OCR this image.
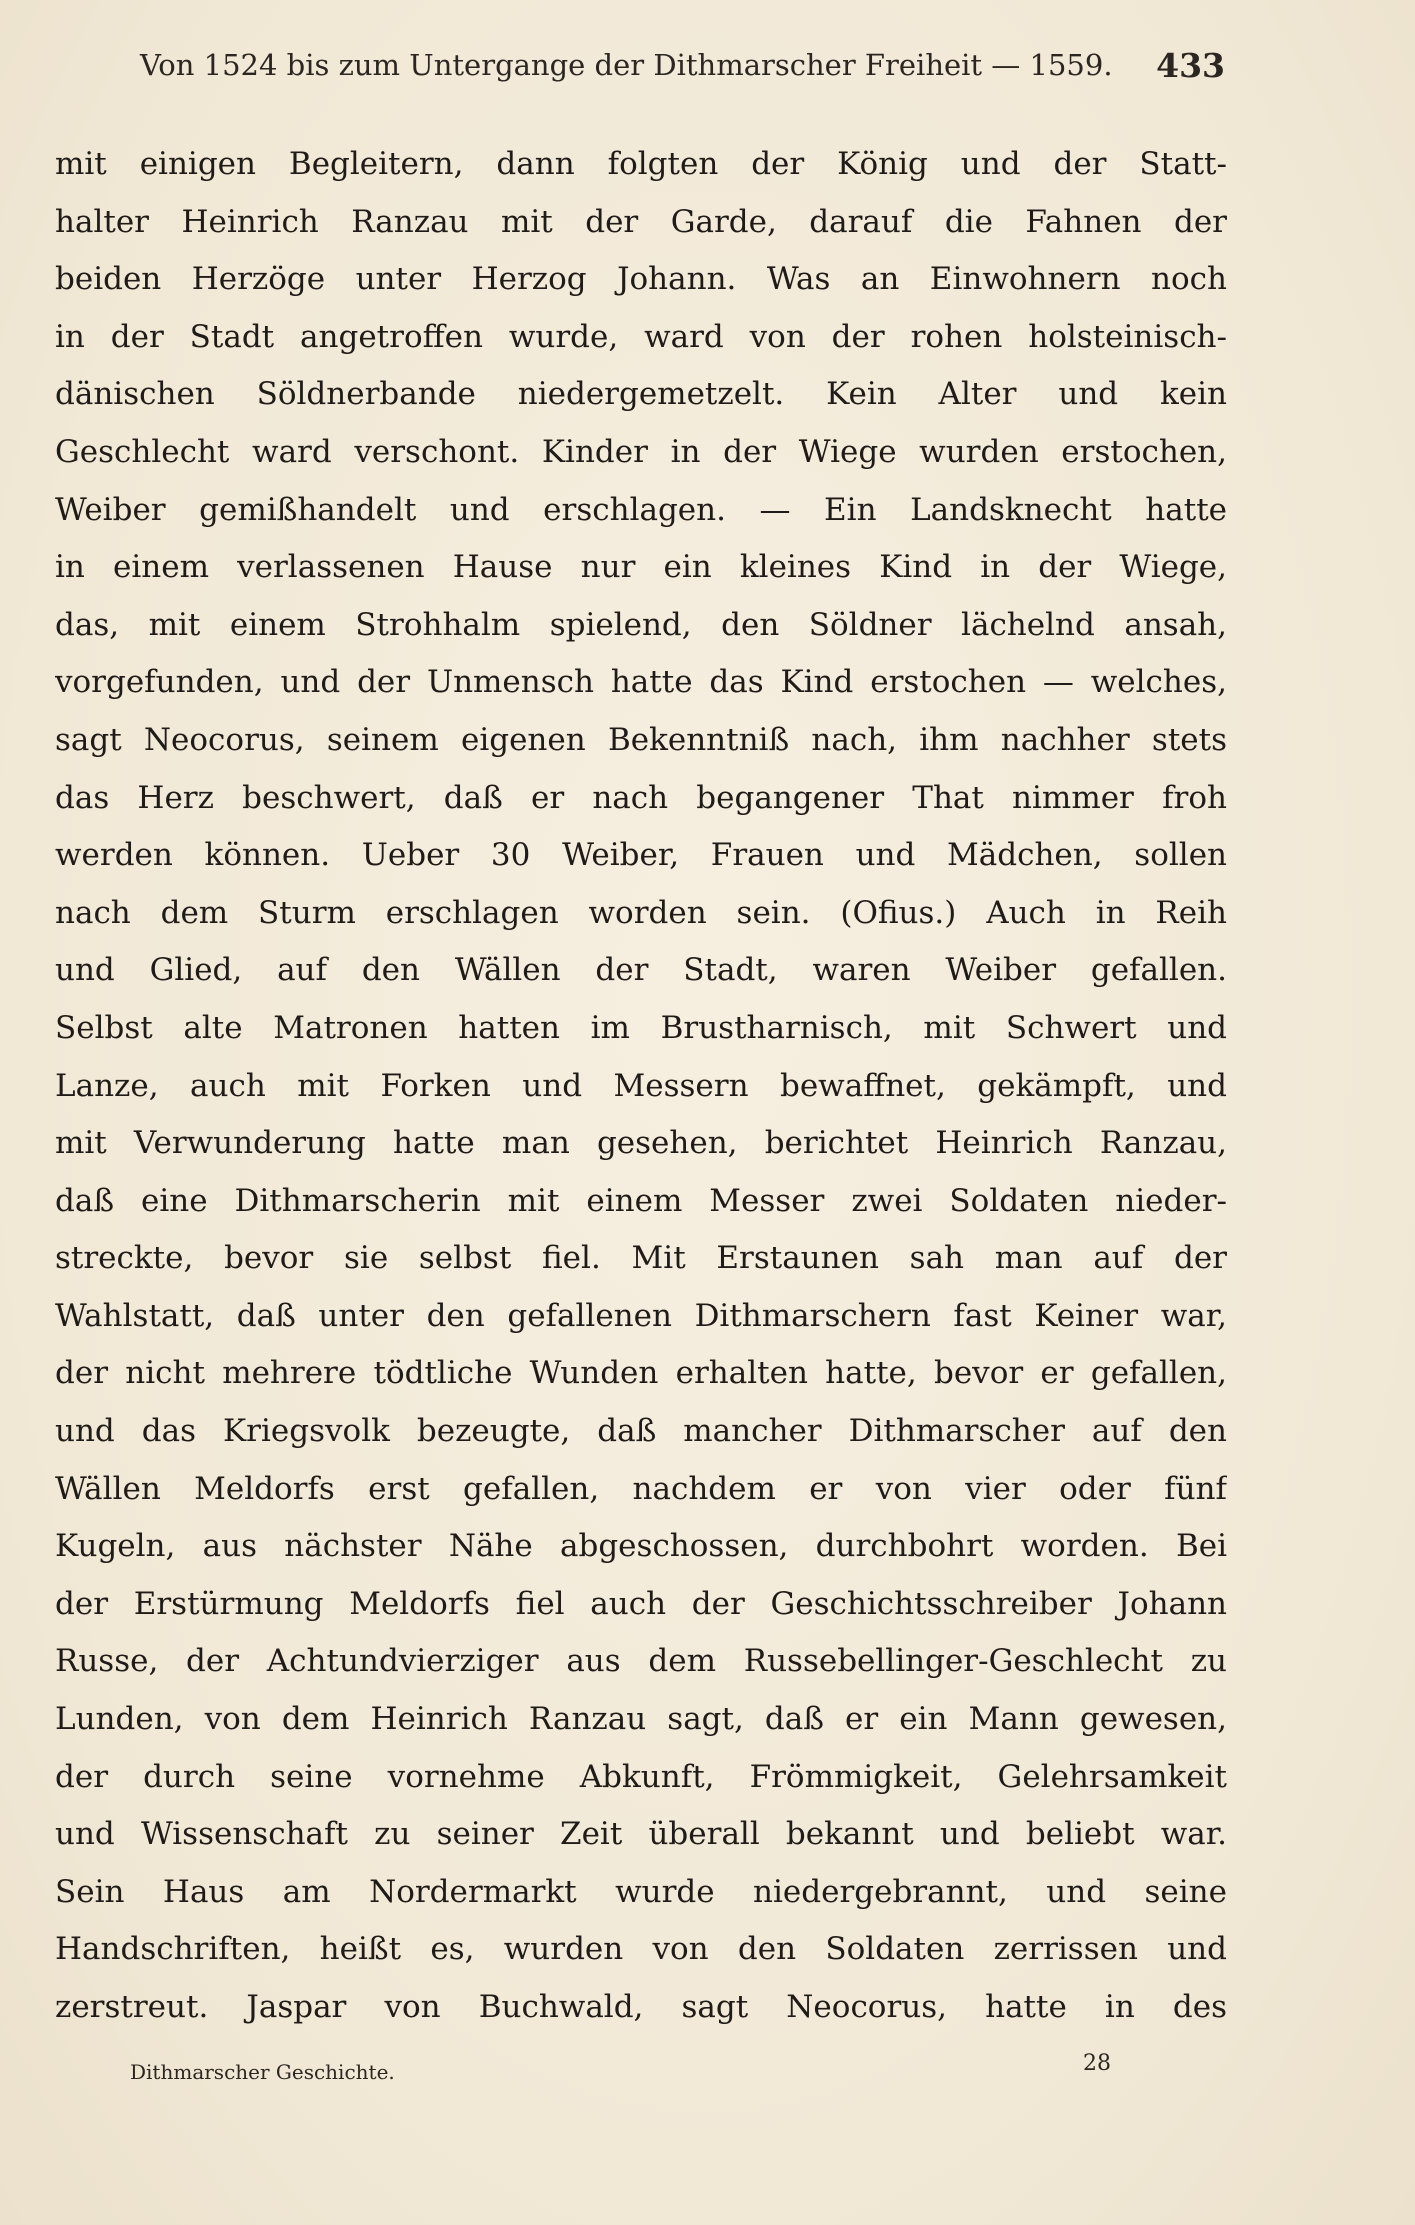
Von 1524 bis zum Untergange der Dithmarscher Freiheit — 1559.	433
mit einigen Begleitern, dann folgten der König und der Statt-
halter Heinrich Ranzau mit der Garde, darauf die Fahnen der
beiden Herzöge unter Herzog Johann. Was an Einwohnern noch
in der Stadt angetroffen wurde, ward von der rohen holsteinisch-
dänischen Söldnerbande niedergemetzelt. Kein Alter und kein
Geschlecht ward verschont. Kinder in der Wiege wurden erstochen,
Weiber gemißhandelt und erschlagen. — Ein Landsknecht hatte
in einem verlassenen Hause nur ein kleines Kind in der Wiege,
das, mit einem Strohhalm spielend, den Söldner lächelnd ansah,
vorgefunden, und der Unmensch hatte das Kind erstochen — welches,
sagt Neocorus, seinem eigenen Bekenntniß nach, ihm nachher stets
das Herz beschwert, daß er nach begangener That nimmer froh
werden können. Ueber 30 Weiber, Frauen und Mädchen, sollen
nach dem Sturm erschlagen worden sein. (Ofius.) Auch in Reih
und Glied, auf den Wällen der Stadt, waren Weiber gefallen.
Selbst alte Matronen hatten im Brustharnisch, mit Schwert und
Lanze, auch mit Forken und Messern bewaffnet, gekämpft, und
mit Verwunderung hatte man gesehen, berichtet Heinrich Ranzau,
daß eine Dithmarscherin mit einem Messer zwei Soldaten nieder-
streckte, bevor sie selbst fiel. Mit Erstaunen sah man auf der
Wahlstatt, daß unter den gefallenen Dithmarschern fast Keiner war,
der nicht mehrere tödtliche Wunden erhalten hatte, bevor er gefallen,
und das Kriegsvolk bezeugte, daß mancher Dithmarscher auf den
Wällen Meldorfs erst gefallen, nachdem er von vier oder fünf
Kugeln, aus nächster Nähe abgeschossen, durchbohrt worden. Bei
der Erstürmung Meldorfs fiel auch der Geschichtsschreiber Johann
Russe, der Achtundvierziger aus dem Russebellinger-Geschlecht zu
Lunden, von dem Heinrich Ranzau sagt, daß er ein Mann gewesen,
der durch seine vornehme Abkunft, Frömmigkeit, Gelehrsamkeit
und Wissenschaft zu seiner Zeit überall bekannt und beliebt war.
Sein Haus am Nordermarkt wurde niedergebrannt, und seine
Handschriften, heißt es, wurden von den Soldaten zerrissen und
zerstreut. Jaspar von Buchwald, sagt Neocorus, hatte in des
Dithmarscher Geschichte.	28
